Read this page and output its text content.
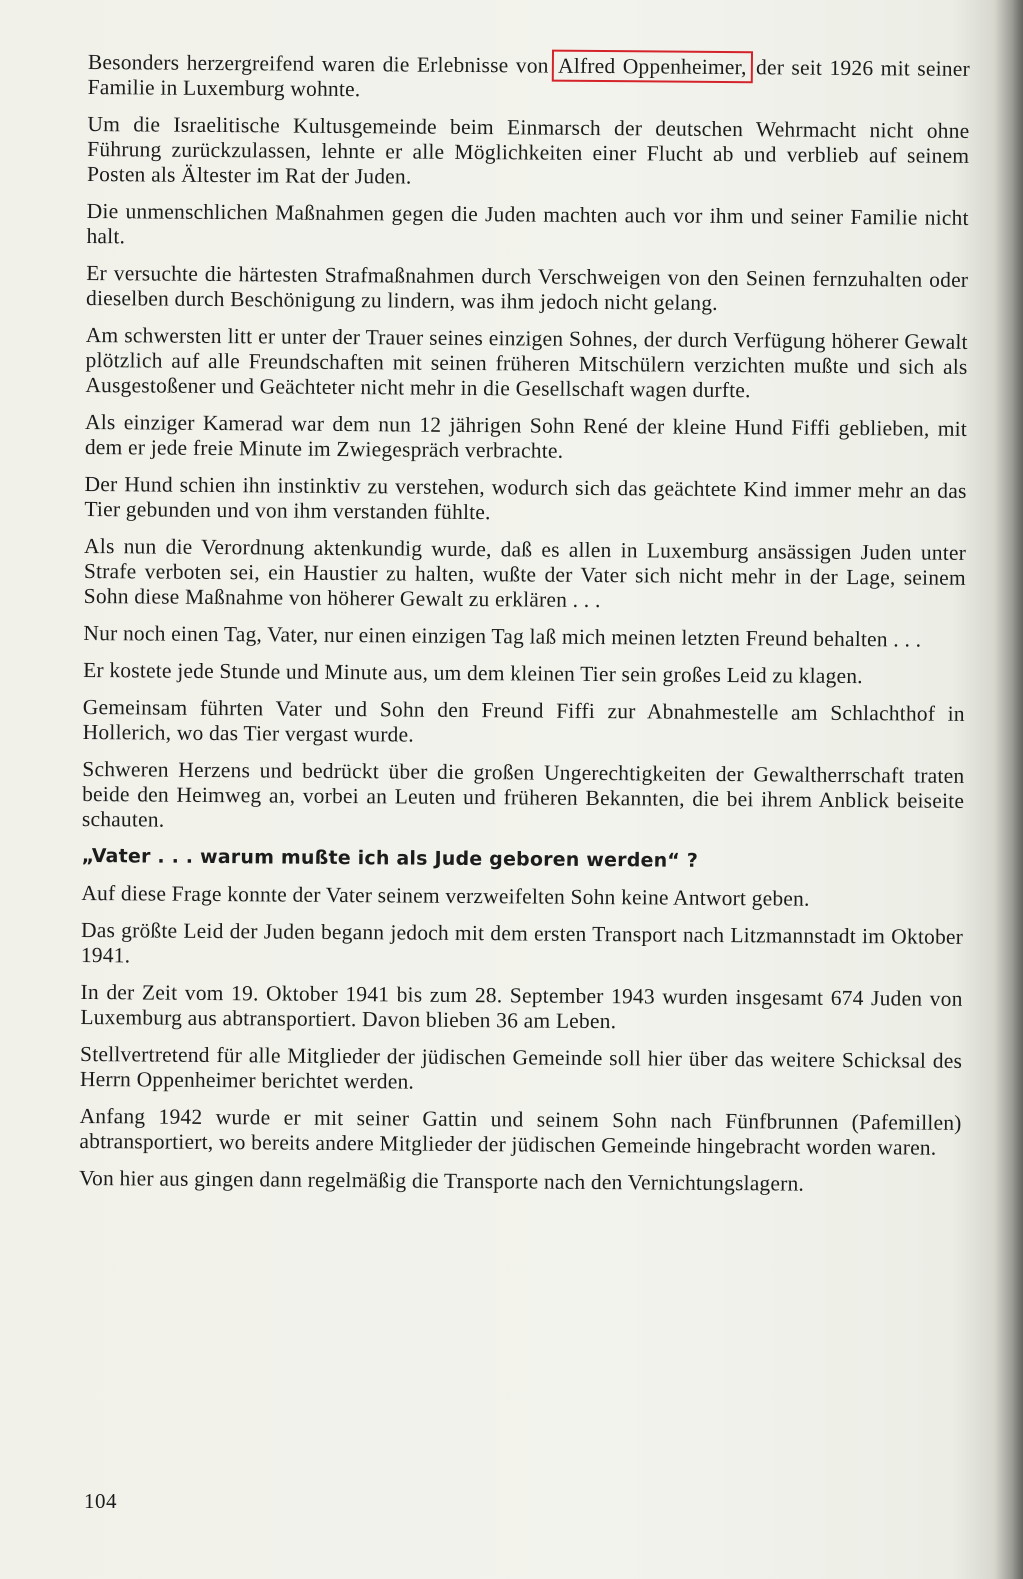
Besonders herzergreifend waren die Erlebnisse von Alfred Oppenheimer, der seit 1926 mit seiner Familie in Luxemburg wohnte.

Um die Israelitische Kultusgemeinde beim Einmarsch der deutschen Wehrmacht nicht ohne Führung zurückzulassen, lehnte er alle Möglichkeiten einer Flucht ab und verblieb auf seinem Posten als Ältester im Rat der Juden.

Die unmenschlichen Maßnahmen gegen die Juden machten auch vor ihm und seiner Familie nicht halt.

Er versuchte die härtesten Strafmaßnahmen durch Verschweigen von den Seinen fernzuhalten oder dieselben durch Beschönigung zu lindern, was ihm jedoch nicht gelang.

Am schwersten litt er unter der Trauer seines einzigen Sohnes, der durch Verfügung höherer Gewalt plötzlich auf alle Freundschaften mit seinen früheren Mitschülern verzichten mußte und sich als Ausgestoßener und Geächteter nicht mehr in die Gesellschaft wagen durfte.

Als einziger Kamerad war dem nun 12 jährigen Sohn René der kleine Hund Fiffi geblieben, mit dem er jede freie Minute im Zwiegespräch verbrachte.

Der Hund schien ihn instinktiv zu verstehen, wodurch sich das geächtete Kind immer mehr an das Tier gebunden und von ihm verstanden fühlte.

Als nun die Verordnung aktenkundig wurde, daß es allen in Luxemburg ansässigen Juden unter Strafe verboten sei, ein Haustier zu halten, wußte der Vater sich nicht mehr in der Lage, seinem Sohn diese Maßnahme von höherer Gewalt zu erklären . . .

Nur noch einen Tag, Vater, nur einen einzigen Tag laß mich meinen letzten Freund behalten . . .

Er kostete jede Stunde und Minute aus, um dem kleinen Tier sein großes Leid zu klagen.

Gemeinsam führten Vater und Sohn den Freund Fiffi zur Abnahmestelle am Schlachthof in Hollerich, wo das Tier vergast wurde.

Schweren Herzens und bedrückt über die großen Ungerechtigkeiten der Gewaltherrschaft traten beide den Heimweg an, vorbei an Leuten und früheren Bekannten, die bei ihrem Anblick beiseite schauten.

„Vater . . . warum mußte ich als Jude geboren werden“ ?

Auf diese Frage konnte der Vater seinem verzweifelten Sohn keine Antwort geben.

Das größte Leid der Juden begann jedoch mit dem ersten Transport nach Litzmannstadt im Oktober 1941.

In der Zeit vom 19. Oktober 1941 bis zum 28. September 1943 wurden insgesamt 674 Juden von Luxemburg aus abtransportiert. Davon blieben 36 am Leben.

Stellvertretend für alle Mitglieder der jüdischen Gemeinde soll hier über das weitere Schicksal des Herrn Oppenheimer berichtet werden.

Anfang 1942 wurde er mit seiner Gattin und seinem Sohn nach Fünfbrunnen (Pafemillen) abtransportiert, wo bereits andere Mitglieder der jüdischen Gemeinde hingebracht worden waren.

Von hier aus gingen dann regelmäßig die Transporte nach den Vernichtungslagern.

104
